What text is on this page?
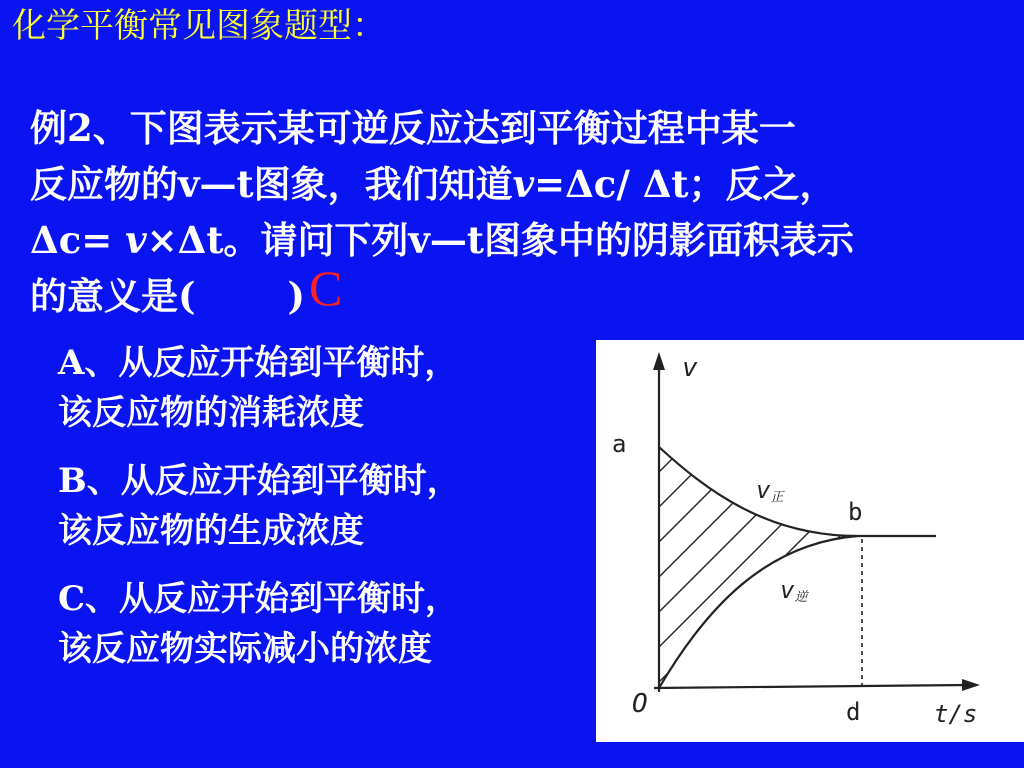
化学平衡常见图象题型：
例2、下图表示某可逆反应达到平衡过程中某一
反应物的v—t图象，我们知道v=Δc/ Δt；反之，
Δc= v×Δt。请问下列v—t图象中的阴影面积表示
的意义是( ) C
A、从反应开始到平衡时，
该反应物的消耗浓度
B、从反应开始到平衡时，
该反应物的生成浓度
C、从反应开始到平衡时，
该反应物实际减小的浓度
v
a
b
d
O	t/s
v正
v逆
